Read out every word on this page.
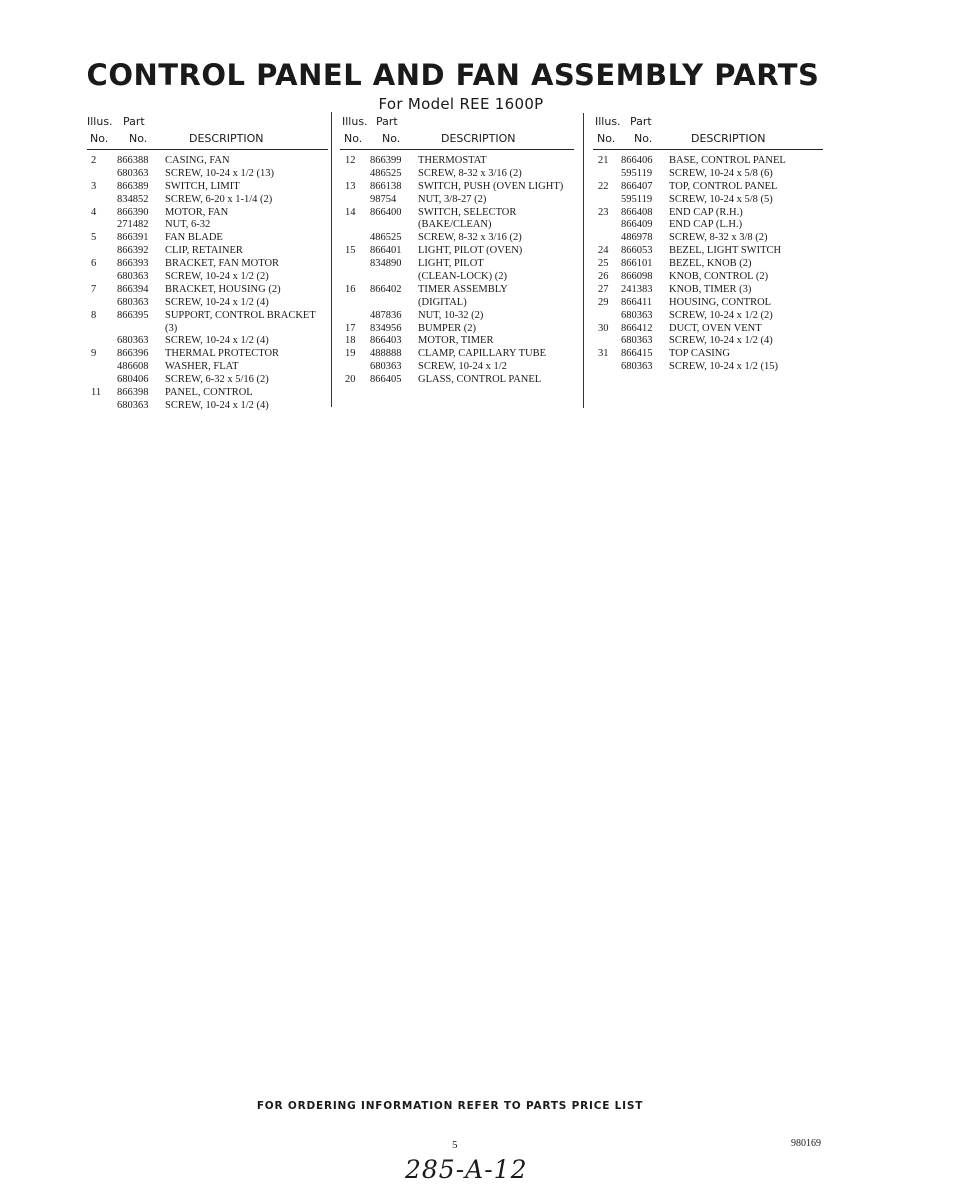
CONTROL PANEL AND FAN ASSEMBLY PARTS
For Model REE 1600P
Illus. Part
No. No.	DESCRIPTION
2 866388 CASING, FAN
680363 SCREW, 10-24 x 1/2 (13)
3 866389 SWITCH, LIMIT
834852 SCREW, 6-20 x 1-1/4 (2)
4 866390 MOTOR, FAN
271482 NUT, 6-32
5 866391 FAN BLADE
866392 CLIP, RETAINER
6 866393 BRACKET, FAN MOTOR
680363 SCREW, 10-24 x 1/2 (2)
7 866394 BRACKET, HOUSING (2)
680363 SCREW, 10-24 x 1/2 (4)
8 866395 SUPPORT, CONTROL BRACKET
(3)
680363 SCREW, 10-24 x 1/2 (4)
9 866396 THERMAL PROTECTOR
486608 WASHER, FLAT
680406 SCREW, 6-32 x 5/16 (2)
11 866398 PANEL, CONTROL
680363 SCREW, 10-24 x 1/2 (4)
Illus. Part
No. No.	DESCRIPTION
12 866399 THERMOSTAT
486525 SCREW, 8-32 x 3/16 (2)
13 866138 SWITCH, PUSH (OVEN LIGHT)
98754 NUT, 3/8-27 (2)
14 866400 SWITCH, SELECTOR
(BAKE/CLEAN)
486525 SCREW, 8-32 x 3/16 (2)
15 866401 LIGHT, PILOT (OVEN)
834890 LIGHT, PILOT
(CLEAN-LOCK) (2)
16 866402 TIMER ASSEMBLY
(DIGITAL)
487836 NUT, 10-32 (2)
17 834956 BUMPER (2)
18 866403 MOTOR, TIMER
19 488888 CLAMP, CAPILLARY TUBE
680363 SCREW, 10-24 x 1/2
20 866405 GLASS, CONTROL PANEL
Illus. Part
No. No.	DESCRIPTION
21 866406 BASE, CONTROL PANEL
595119 SCREW, 10-24 x 5/8 (6)
22 866407 TOP, CONTROL PANEL
595119 SCREW, 10-24 x 5/8 (5)
23 866408 END CAP (R.H.)
866409 END CAP (L.H.)
486978 SCREW, 8-32 x 3/8 (2)
24 866053 BEZEL, LIGHT SWITCH
25 866101 BEZEL, KNOB (2)
26 866098 KNOB, CONTROL (2)
27 241383 KNOB, TIMER (3)
29 866411 HOUSING, CONTROL
680363 SCREW, 10-24 x 1/2 (2)
30 866412 DUCT, OVEN VENT
680363 SCREW, 10-24 x 1/2 (4)
31 866415 TOP CASING
680363 SCREW, 10-24 x 1/2 (15)
FOR ORDERING INFORMATION REFER TO PARTS PRICE LIST
5	980169
285-A-12
